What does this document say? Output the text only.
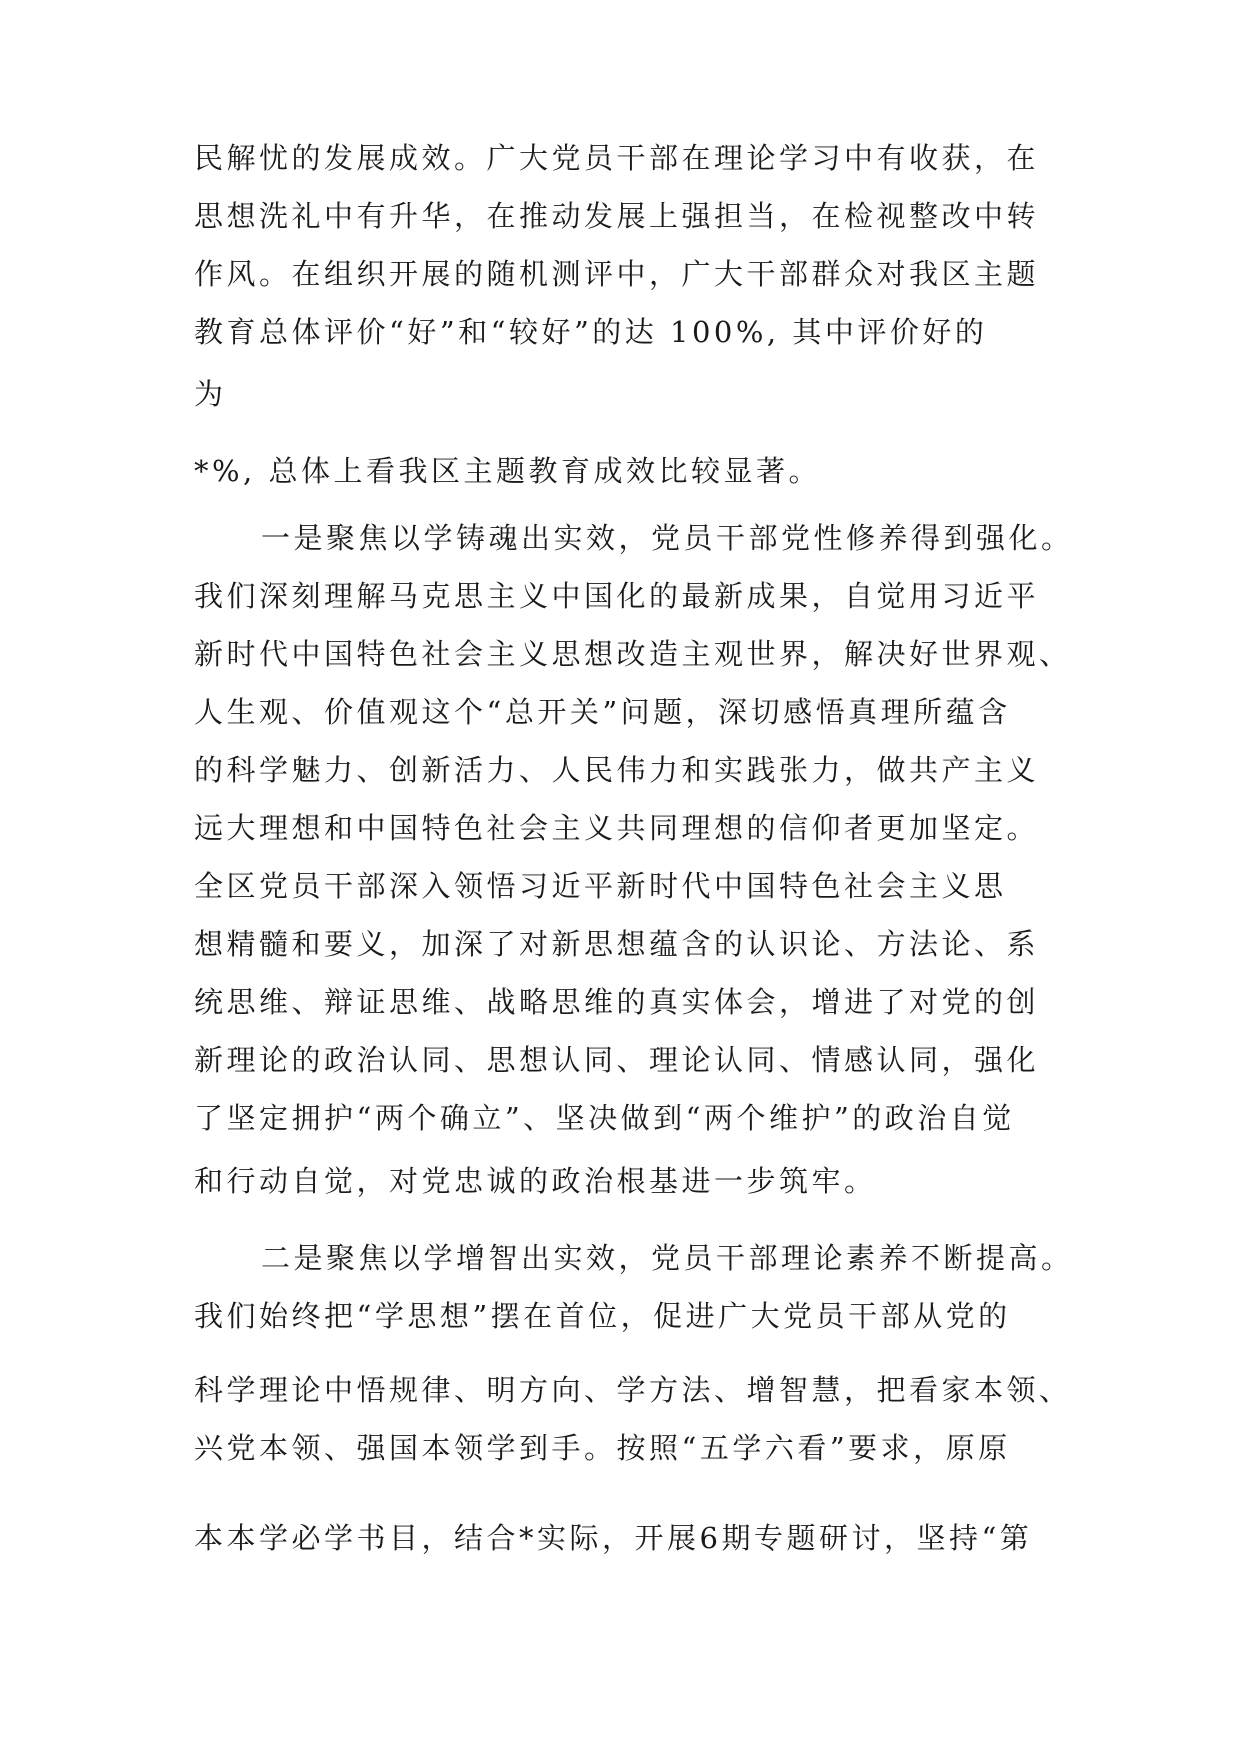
民解忧的发展成效。广大党员干部在理论学习中有收获，在
思想洗礼中有升华，在推动发展上强担当，在检视整改中转
作风。在组织开展的随机测评中，广大干部群众对我区主题
教育总体评价“好”和“较好”的达 100%, 其中评价好的
为
*%, 总体上看我区主题教育成效比较显著。
一是聚焦以学铸魂出实效，党员干部党性修养得到强化。
我们深刻理解马克思主义中国化的最新成果，自觉用习近平
新时代中国特色社会主义思想改造主观世界，解决好世界观、
人生观、价值观这个“总开关”问题，深切感悟真理所蕴含
的科学魅力、创新活力、人民伟力和实践张力，做共产主义
远大理想和中国特色社会主义共同理想的信仰者更加坚定。
全区党员干部深入领悟习近平新时代中国特色社会主义思
想精髓和要义，加深了对新思想蕴含的认识论、方法论、系
统思维、辩证思维、战略思维的真实体会，增进了对党的创
新理论的政治认同、思想认同、理论认同、情感认同，强化
了坚定拥护“两个确立”、坚决做到“两个维护”的政治自觉
和行动自觉，对党忠诚的政治根基进一步筑牢。
二是聚焦以学增智出实效，党员干部理论素养不断提高。
我们始终把“学思想”摆在首位，促进广大党员干部从党的
科学理论中悟规律、明方向、学方法、增智慧，把看家本领、
兴党本领、强国本领学到手。按照“五学六看”要求，原原
本本学必学书目，结合*实际，开展6期专题研讨，坚持“第
